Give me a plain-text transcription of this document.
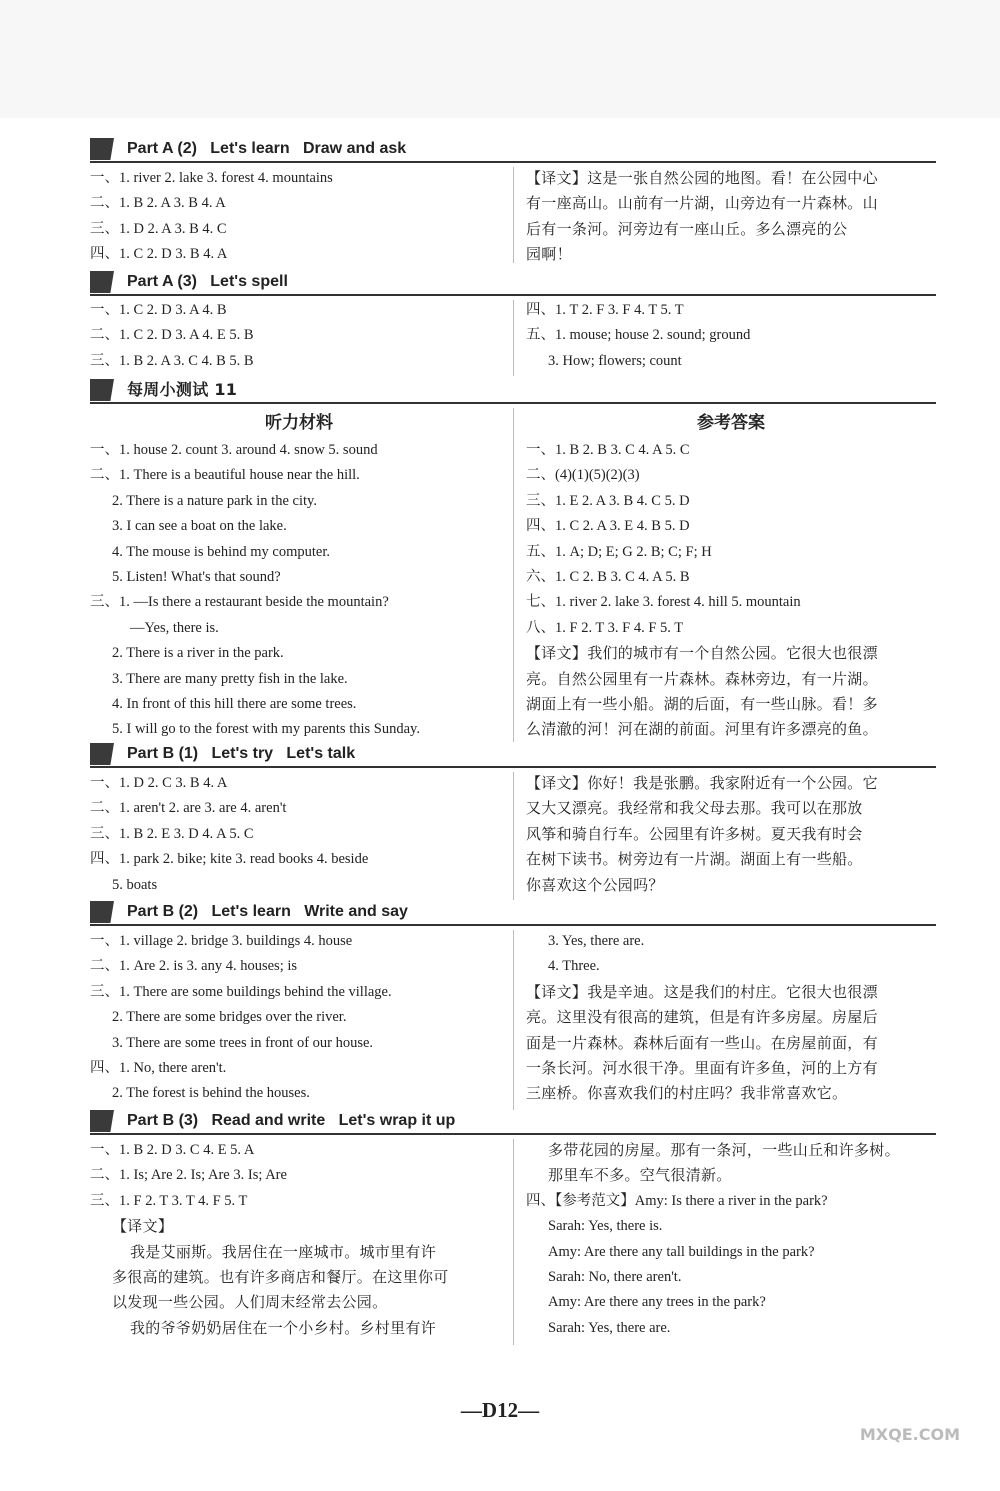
Part A (2)   Let's learn   Draw and ask
一、1. river 2. lake 3. forest 4. mountains
二、1. B 2. A 3. B 4. A
三、1. D 2. A 3. B 4. C
四、1. C 2. D 3. B 4. A
【译文】这是一张自然公园的地图。看！在公园中心
有一座高山。山前有一片湖，山旁边有一片森林。山
后有一条河。河旁边有一座山丘。多么漂亮的公
园啊！
Part A (3)   Let's spell
一、1. C 2. D 3. A 4. B
二、1. C 2. D 3. A 4. E 5. B
三、1. B 2. A 3. C 4. B 5. B
四、1. T 2. F 3. F 4. T 5. T
五、1. mouse; house 2. sound; ground
3. How; flowers; count
每周小测试 11
听力材料
一、1. house 2. count 3. around 4. snow 5. sound
二、1. There is a beautiful house near the hill.
2. There is a nature park in the city.
3. I can see a boat on the lake.
4. The mouse is behind my computer.
5. Listen! What's that sound?
三、1. —Is there a restaurant beside the mountain?
—Yes, there is.
2. There is a river in the park.
3. There are many pretty fish in the lake.
4. In front of this hill there are some trees.
5. I will go to the forest with my parents this Sunday.
参考答案
一、1. B 2. B 3. C 4. A 5. C
二、(4)(1)(5)(2)(3)
三、1. E 2. A 3. B 4. C 5. D
四、1. C 2. A 3. E 4. B 5. D
五、1. A; D; E; G 2. B; C; F; H
六、1. C 2. B 3. C 4. A 5. B
七、1. river 2. lake 3. forest 4. hill 5. mountain
八、1. F 2. T 3. F 4. F 5. T
【译文】我们的城市有一个自然公园。它很大也很漂
亮。自然公园里有一片森林。森林旁边，有一片湖。
湖面上有一些小船。湖的后面，有一些山脉。看！多
么清澈的河！河在湖的前面。河里有许多漂亮的鱼。
Part B (1)   Let's try   Let's talk
一、1. D 2. C 3. B 4. A
二、1. aren't 2. are 3. are 4. aren't
三、1. B 2. E 3. D 4. A 5. C
四、1. park 2. bike; kite 3. read books 4. beside
5. boats
【译文】你好！我是张鹏。我家附近有一个公园。它
又大又漂亮。我经常和我父母去那。我可以在那放
风筝和骑自行车。公园里有许多树。夏天我有时会
在树下读书。树旁边有一片湖。湖面上有一些船。
你喜欢这个公园吗？
Part B (2)   Let's learn   Write and say
一、1. village 2. bridge 3. buildings 4. house
二、1. Are 2. is 3. any 4. houses; is
三、1. There are some buildings behind the village.
2. There are some bridges over the river.
3. There are some trees in front of our house.
四、1. No, there aren't.
2. The forest is behind the houses.
3. Yes, there are.
4. Three.
【译文】我是辛迪。这是我们的村庄。它很大也很漂
亮。这里没有很高的建筑，但是有许多房屋。房屋后
面是一片森林。森林后面有一些山。在房屋前面，有
一条长河。河水很干净。里面有许多鱼，河的上方有
三座桥。你喜欢我们的村庄吗？我非常喜欢它。
Part B (3)   Read and write   Let's wrap it up
一、1. B 2. D 3. C 4. E 5. A
二、1. Is; Are 2. Is; Are 3. Is; Are
三、1. F 2. T 3. T 4. F 5. T
【译文】
我是艾丽斯。我居住在一座城市。城市里有许
多很高的建筑。也有许多商店和餐厅。在这里你可
以发现一些公园。人们周末经常去公园。
我的爷爷奶奶居住在一个小乡村。乡村里有许
多带花园的房屋。那有一条河，一些山丘和许多树。
那里车不多。空气很清新。
四、【参考范文】Amy: Is there a river in the park?
Sarah: Yes, there is.
Amy: Are there any tall buildings in the park?
Sarah: No, there aren't.
Amy: Are there any trees in the park?
Sarah: Yes, there are.
—D12—
MXQE.COM
